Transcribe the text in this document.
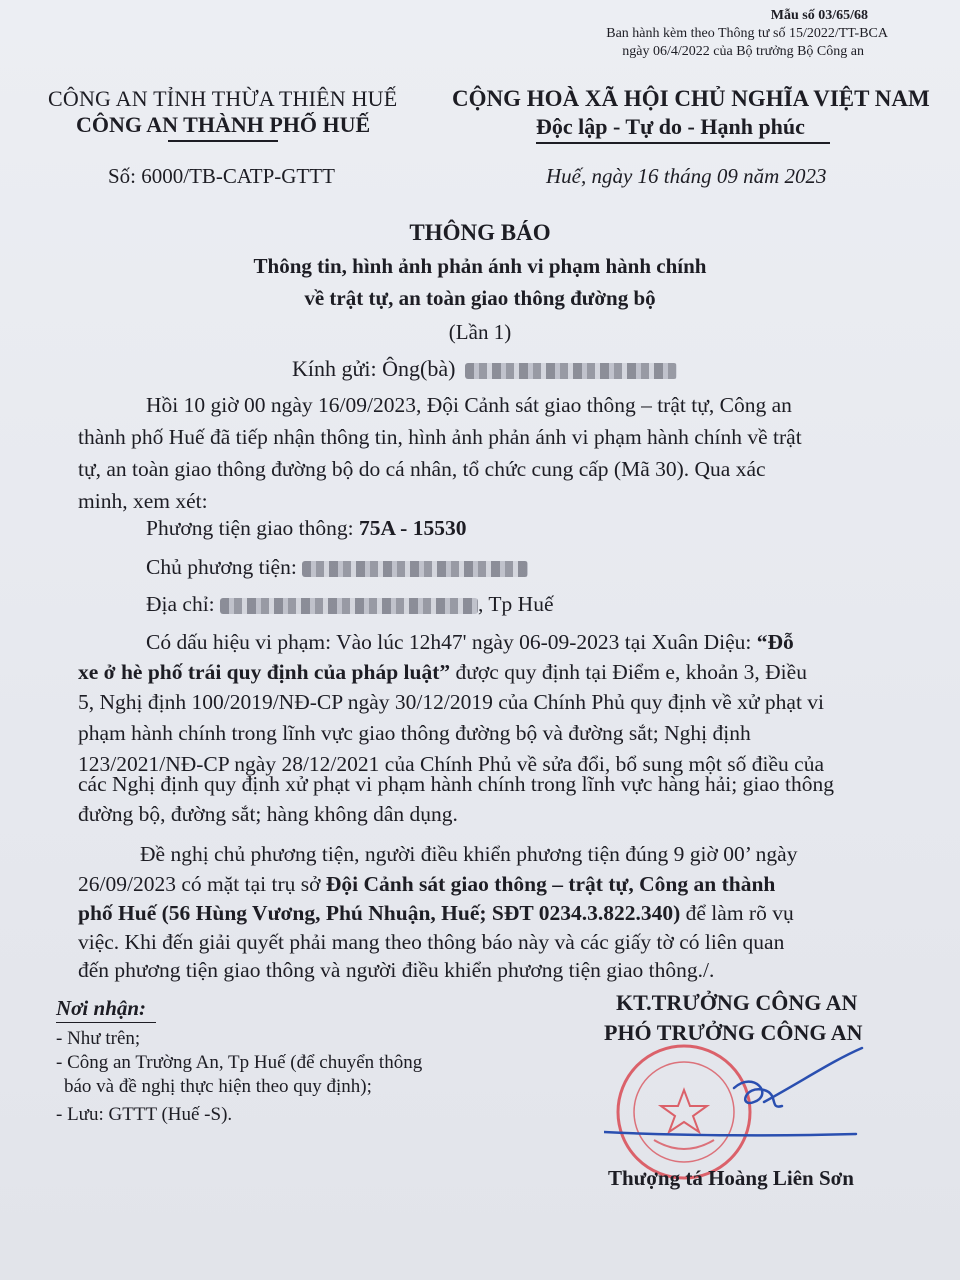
Mẫu số 03/65/68
Ban hành kèm theo Thông tư số 15/2022/TT-BCA
ngày 06/4/2022 của Bộ trưởng Bộ Công an
CÔNG AN TỈNH THỪA THIÊN HUẾ
CÔNG AN THÀNH PHỐ HUẾ
CỘNG HOÀ XÃ HỘI CHỦ NGHĨA VIỆT NAM
Độc lập - Tự do - Hạnh phúc
Số: 6000/TB-CATP-GTTT	Huế, ngày 16 tháng 09 năm 2023
THÔNG BÁO
Thông tin, hình ảnh phản ánh vi phạm hành chính
về trật tự, an toàn giao thông đường bộ
(Lần 1)
Kính gửi: Ông(bà)
Hồi 10 giờ 00 ngày 16/09/2023, Đội Cảnh sát giao thông – trật tự, Công an
thành phố Huế đã tiếp nhận thông tin, hình ảnh phản ánh vi phạm hành chính về trật
tự, an toàn giao thông đường bộ do cá nhân, tổ chức cung cấp (Mã 30). Qua xác
minh, xem xét:
Phương tiện giao thông: 75A - 15530
Chủ phương tiện:
Địa chỉ:	, Tp Huế
Có dấu hiệu vi phạm: Vào lúc 12h47' ngày 06-09-2023 tại Xuân Diệu: “Đỗ
xe ở hè phố trái quy định của pháp luật” được quy định tại Điểm e, khoản 3, Điều
5, Nghị định 100/2019/NĐ-CP ngày 30/12/2019 của Chính Phủ quy định về xử phạt vi
phạm hành chính trong lĩnh vực giao thông đường bộ và đường sắt; Nghị định
123/2021/NĐ-CP ngày 28/12/2021 của Chính Phủ về sửa đổi, bổ sung một số điều của
các Nghị định quy định xử phạt vi phạm hành chính trong lĩnh vực hàng hải; giao thông
đường bộ, đường sắt; hàng không dân dụng.
Đề nghị chủ phương tiện, người điều khiển phương tiện đúng 9 giờ 00’ ngày
26/09/2023 có mặt tại trụ sở Đội Cảnh sát giao thông – trật tự, Công an thành
phố Huế (56 Hùng Vương, Phú Nhuận, Huế; SĐT 0234.3.822.340) để làm rõ vụ
việc. Khi đến giải quyết phải mang theo thông báo này và các giấy tờ có liên quan
đến phương tiện giao thông và người điều khiển phương tiện giao thông./.
Nơi nhận:
- Như trên;
- Công an Trường An, Tp Huế (để chuyển thông
báo và đề nghị thực hiện theo quy định);
- Lưu: GTTT (Huế -S).
KT.TRƯỞNG CÔNG AN
PHÓ TRƯỞNG CÔNG AN
Thượng tá Hoàng Liên Sơn
